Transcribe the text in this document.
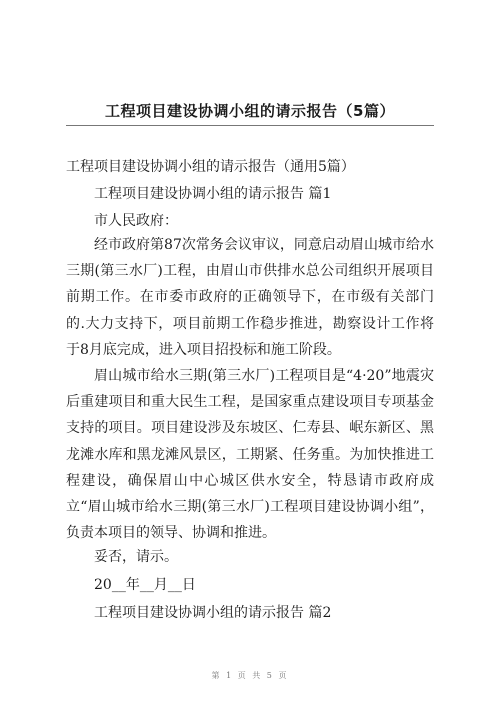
工程项目建设协调小组的请示报告（5篇）
工程项目建设协调小组的请示报告（通用5篇）
工程项目建设协调小组的请示报告 篇1
市人民政府：

经市政府第87次常务会议审议，同意启动眉山城市给水三期(第三水厂)工程，由眉山市供排水总公司组织开展项目前期工作。在市委市政府的正确领导下，在市级有关部门的.大力支持下，项目前期工作稳步推进，勘察设计工作将于8月底完成，进入项目招投标和施工阶段。

眉山城市给水三期(第三水厂)工程项目是“4·20”地震灾后重建项目和重大民生工程，是国家重点建设项目专项基金支持的项目。项目建设涉及东坡区、仁寿县、岷东新区、黑龙滩水库和黑龙滩风景区，工期紧、任务重。为加快推进工程建设，确保眉山中心城区供水安全，特恳请市政府成立“眉山城市给水三期(第三水厂)工程项目建设协调小组”，负责本项目的领导、协调和推进。

妥否，请示。
20__年__月__日
工程项目建设协调小组的请示报告 篇2
第 1 页 共 5 页
